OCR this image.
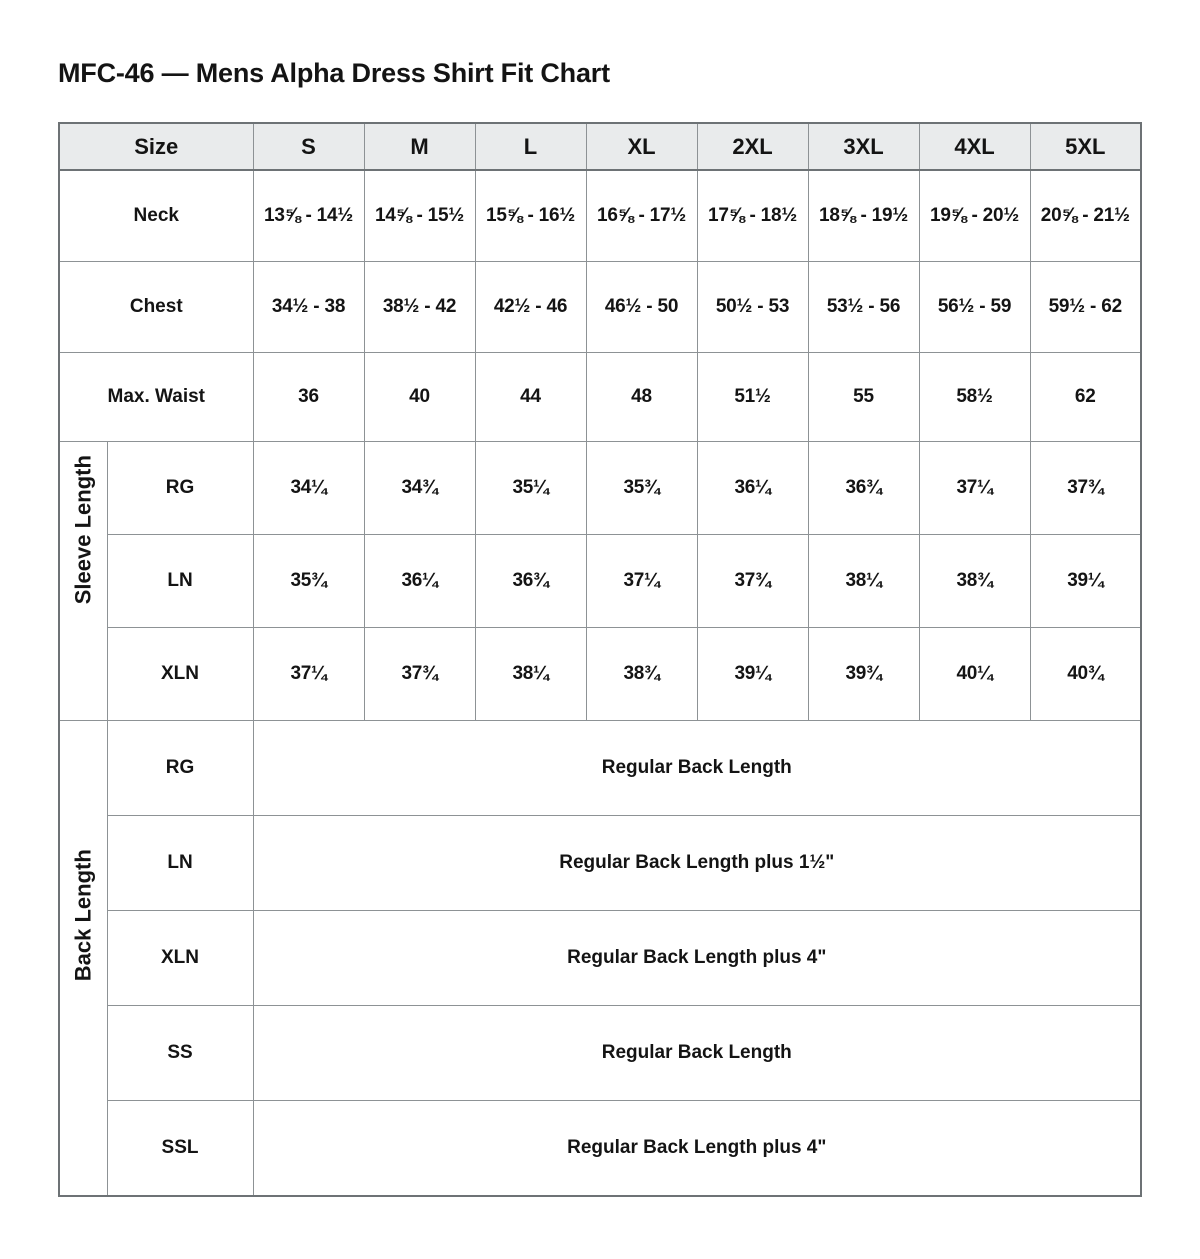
MFC-46 — Mens Alpha Dress Shirt Fit Chart
Size		S	M	L	XL	2XL	3XL	4XL	5XL
Neck		13⅝ - 14½	14⅝ - 15½	15⅝ - 16½	16⅝ - 17½	17⅝ - 18½	18⅝ - 19½	19⅝ - 20½	20⅝ - 21½
Chest		34½ - 38	38½ - 42	42½ - 46	46½ - 50	50½ - 53	53½ - 56	56½ - 59	59½ - 62
Max. Waist		36	40	44	48	51½	55	58½	62

Sleeve Length	RG	34¼	34¾	35¼	35¾	36¼	36¾	37¼	37¾
	LN	35¾	36¼	36¾	37¼	37¾	38¼	38¾	39¼
	XLN	37¼	37¾	38¼	38¾	39¼	39¾	40¼	40¾

Back Length	RG	Regular Back Length							
	LN	Regular Back Length plus 1½"							
	XLN	Regular Back Length plus 4"							
	SS	Regular Back Length							
	SSL	Regular Back Length plus 4"							
